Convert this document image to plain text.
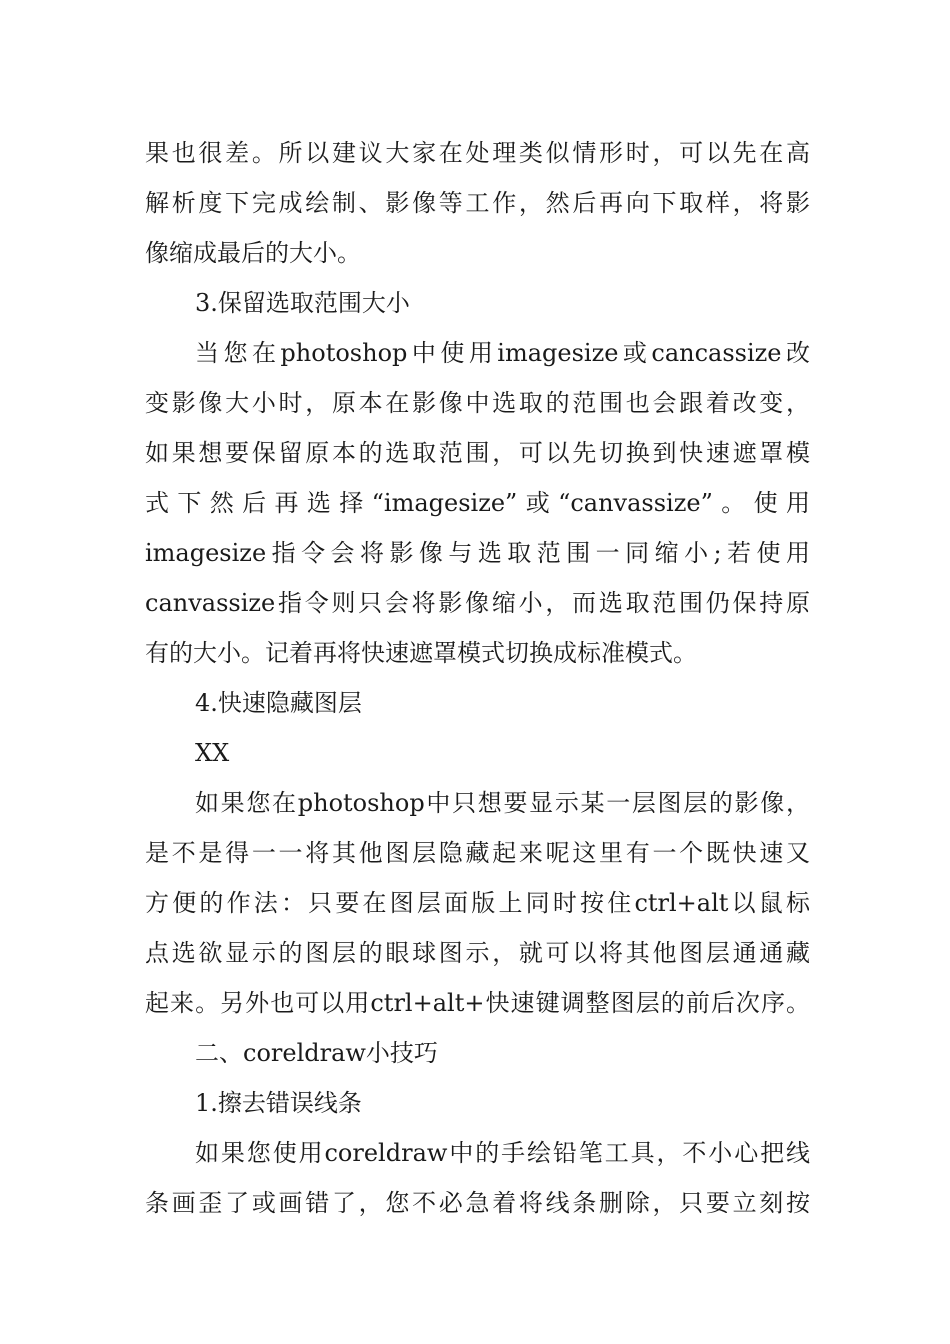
果也很差。所以建议大家在处理类似情形时，可以先在高
解析度下完成绘制、影像等工作，然后再向下取样，将影
像缩成最后的大小。
3.保留选取范围大小
当您在photoshop中使用imagesize或cancassize改
变影像大小时，原本在影像中选取的范围也会跟着改变，
如果想要保留原本的选取范围，可以先切换到快速遮罩模
式下然后再选择“imagesize”或“canvassize”。使用
imagesize指令会将影像与选取范围一同缩小;若使用
canvassize指令则只会将影像缩小，而选取范围仍保持原
有的大小。记着再将快速遮罩模式切换成标准模式。
4.快速隐藏图层
XX
如果您在photoshop中只想要显示某一层图层的影像，
是不是得一一将其他图层隐藏起来呢这里有一个既快速又
方便的作法：只要在图层面版上同时按住ctrl+alt以鼠标
点选欲显示的图层的眼球图示，就可以将其他图层通通藏
起来。另外也可以用ctrl+alt+快速键调整图层的前后次序。
二、coreldraw小技巧
1.擦去错误线条
如果您使用coreldraw中的手绘铅笔工具，不小心把线
条画歪了或画错了，您不必急着将线条删除，只要立刻按
